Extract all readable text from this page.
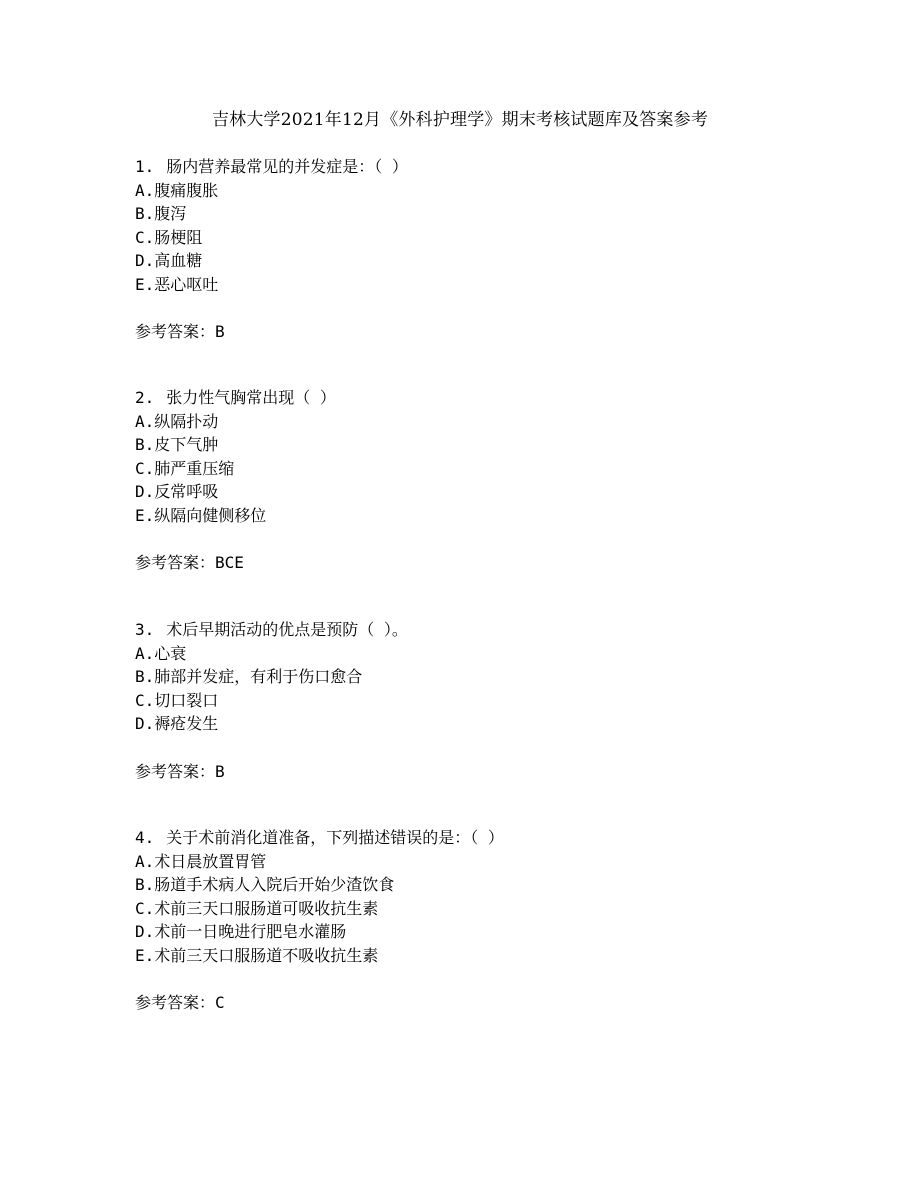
吉林大学2021年12月《外科护理学》期末考核试题库及答案参考
1. 肠内营养最常见的并发症是：（ ）
A.腹痛腹胀
B.腹泻
C.肠梗阻
D.高血糖
E.恶心呕吐
参考答案：B
2. 张力性气胸常出现（ ）
A.纵隔扑动
B.皮下气肿
C.肺严重压缩
D.反常呼吸
E.纵隔向健侧移位
参考答案：BCE
3. 术后早期活动的优点是预防（ ）。
A.心衰
B.肺部并发症，有利于伤口愈合
C.切口裂口
D.褥疮发生
参考答案：B
4. 关于术前消化道准备，下列描述错误的是：（ ）
A.术日晨放置胃管
B.肠道手术病人入院后开始少渣饮食
C.术前三天口服肠道可吸收抗生素
D.术前一日晚进行肥皂水灌肠
E.术前三天口服肠道不吸收抗生素
参考答案：C
